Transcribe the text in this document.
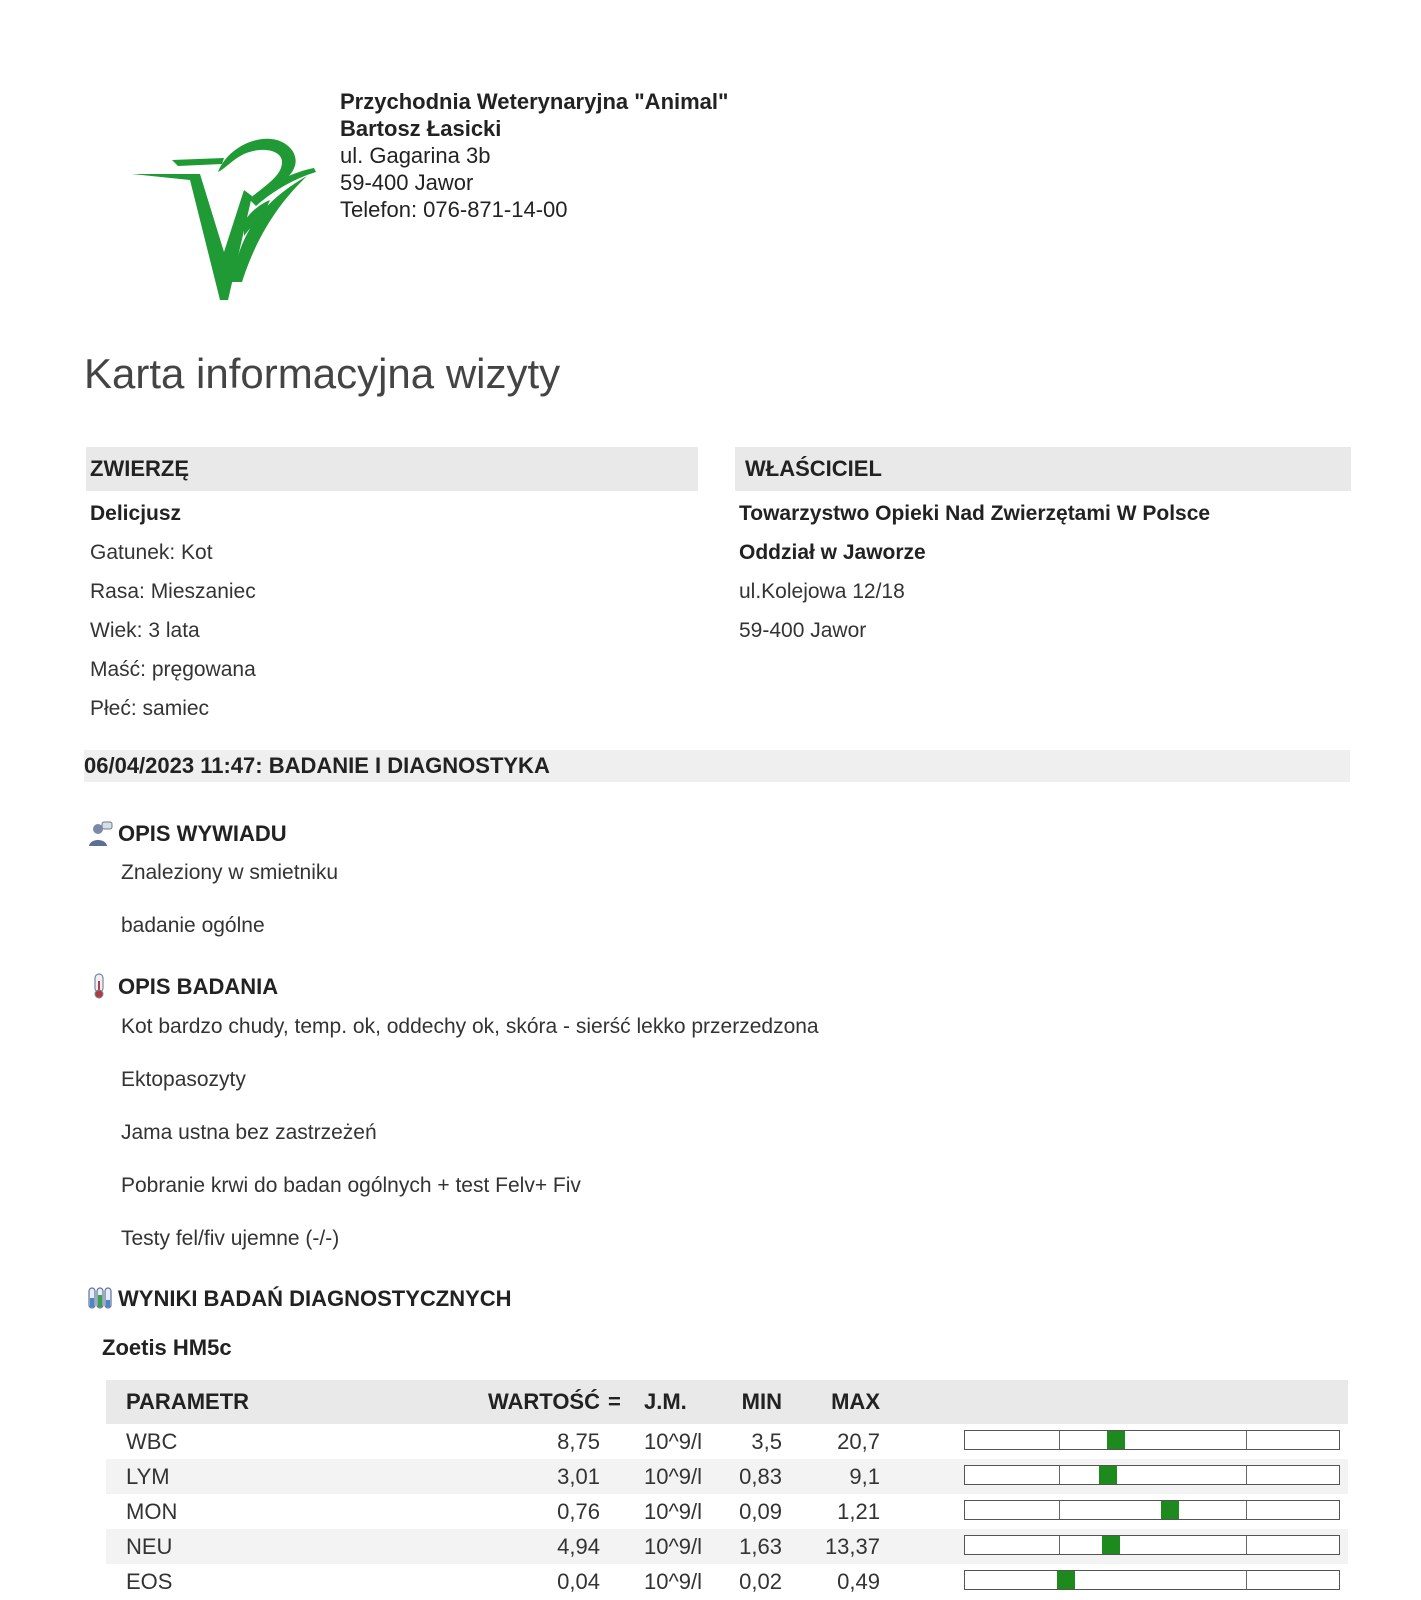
Przychodnia Weterynaryjna "Animal"
Bartosz Łasicki
ul. Gagarina 3b
59-400 Jawor
Telefon: 076-871-14-00
Karta informacyjna wizyty
ZWIERZĘ
Delicjusz
Gatunek: Kot
Rasa: Mieszaniec
Wiek: 3 lata
Maść: pręgowana
Płeć: samiec
WŁAŚCICIEL
Towarzystwo Opieki Nad Zwierzętami W Polsce
Oddział w Jaworze
ul.Kolejowa 12/18
59-400 Jawor
06/04/2023 11:47: BADANIE I DIAGNOSTYKA
OPIS WYWIADU
Znaleziony w smietniku
badanie ogólne
OPIS BADANIA
Kot bardzo chudy, temp. ok, oddechy ok, skóra - sierść lekko przerzedzona
Ektopasozyty
Jama ustna bez zastrzeżeń
Pobranie krwi do badan ogólnych + test Felv+ Fiv
Testy fel/fiv ujemne (-/-)
WYNIKI BADAŃ DIAGNOSTYCZNYCH
Zoetis HM5c
PARAMETR	WARTOŚĆ = J.M. MIN MAX
WBC	8,75 10^9/l 3,5	20,7
LYM	3,01 10^9/l 0,83	9,1
MON	0,76 10^9/l 0,09	1,21
NEU	4,94 10^9/l 1,63 13,37
EOS	0,04 10^9/l 0,02	0,49
